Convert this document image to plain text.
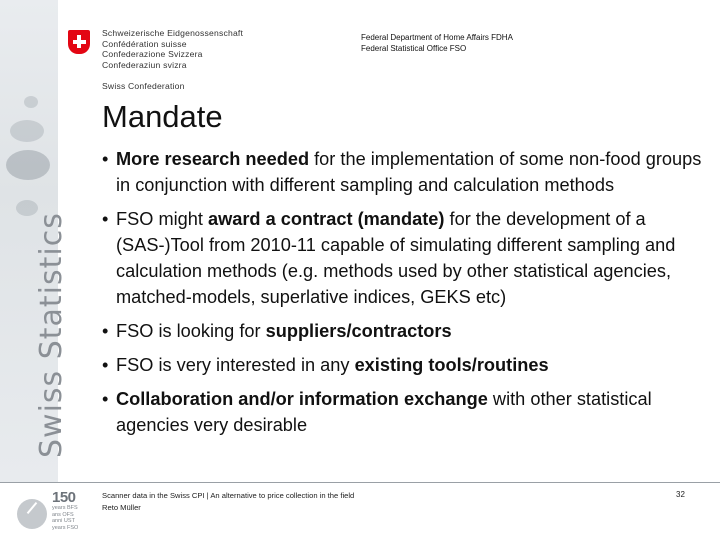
Swiss Statistics
Schweizerische Eidgenossenschaft
Confédération suisse
Confederazione Svizzera
Confederaziun svizra
Swiss Confederation
Federal Department of Home Affairs FDHA
Federal Statistical Office FSO
Mandate
• More research needed for the implementation of some non-food groups in conjunction with different sampling and calculation methods
• FSO might award a contract (mandate) for the development of a (SAS-)Tool from 2010-11 capable of simulating different sampling and calculation methods (e.g. methods used by other statistical agencies, matched-models, superlative indices, GEKS etc)
• FSO is looking for suppliers/contractors
• FSO is very interested in any existing tools/routines
• Collaboration and/or information exchange with other statistical agencies very desirable
150
years BFS
ans OFS
anni UST
years FSO
Scanner data in the Swiss CPI | An alternative to price collection in the field
Reto Müller
32
